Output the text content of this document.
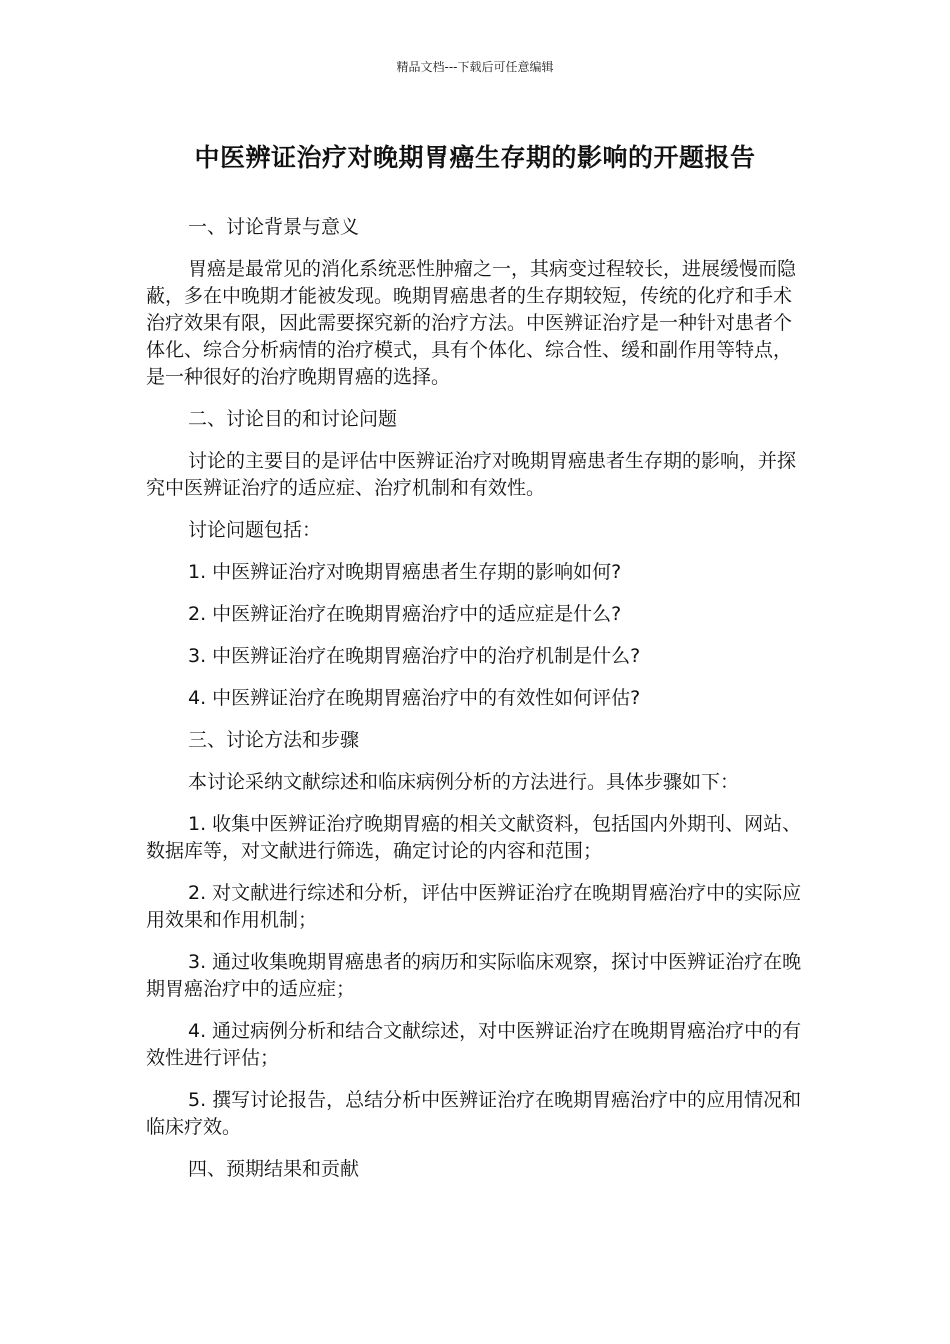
精品文档---下载后可任意编辑
中医辨证治疗对晚期胃癌生存期的影响的开题报告

一、讨论背景与意义

胃癌是最常见的消化系统恶性肿瘤之一，其病变过程较长，进展缓慢而隐蔽，多在中晚期才能被发现。晚期胃癌患者的生存期较短，传统的化疗和手术治疗效果有限，因此需要探究新的治疗方法。中医辨证治疗是一种针对患者个体化、综合分析病情的治疗模式，具有个体化、综合性、缓和副作用等特点，是一种很好的治疗晚期胃癌的选择。

二、讨论目的和讨论问题

讨论的主要目的是评估中医辨证治疗对晚期胃癌患者生存期的影响，并探究中医辨证治疗的适应症、治疗机制和有效性。

讨论问题包括：

1. 中医辨证治疗对晚期胃癌患者生存期的影响如何?

2. 中医辨证治疗在晚期胃癌治疗中的适应症是什么?

3. 中医辨证治疗在晚期胃癌治疗中的治疗机制是什么?

4. 中医辨证治疗在晚期胃癌治疗中的有效性如何评估?

三、讨论方法和步骤

本讨论采纳文献综述和临床病例分析的方法进行。具体步骤如下：

1. 收集中医辨证治疗晚期胃癌的相关文献资料，包括国内外期刊、网站、数据库等，对文献进行筛选，确定讨论的内容和范围；

2. 对文献进行综述和分析，评估中医辨证治疗在晚期胃癌治疗中的实际应用效果和作用机制；

3. 通过收集晚期胃癌患者的病历和实际临床观察，探讨中医辨证治疗在晚期胃癌治疗中的适应症；

4. 通过病例分析和结合文献综述，对中医辨证治疗在晚期胃癌治疗中的有效性进行评估；

5. 撰写讨论报告，总结分析中医辨证治疗在晚期胃癌治疗中的应用情况和临床疗效。

四、预期结果和贡献
